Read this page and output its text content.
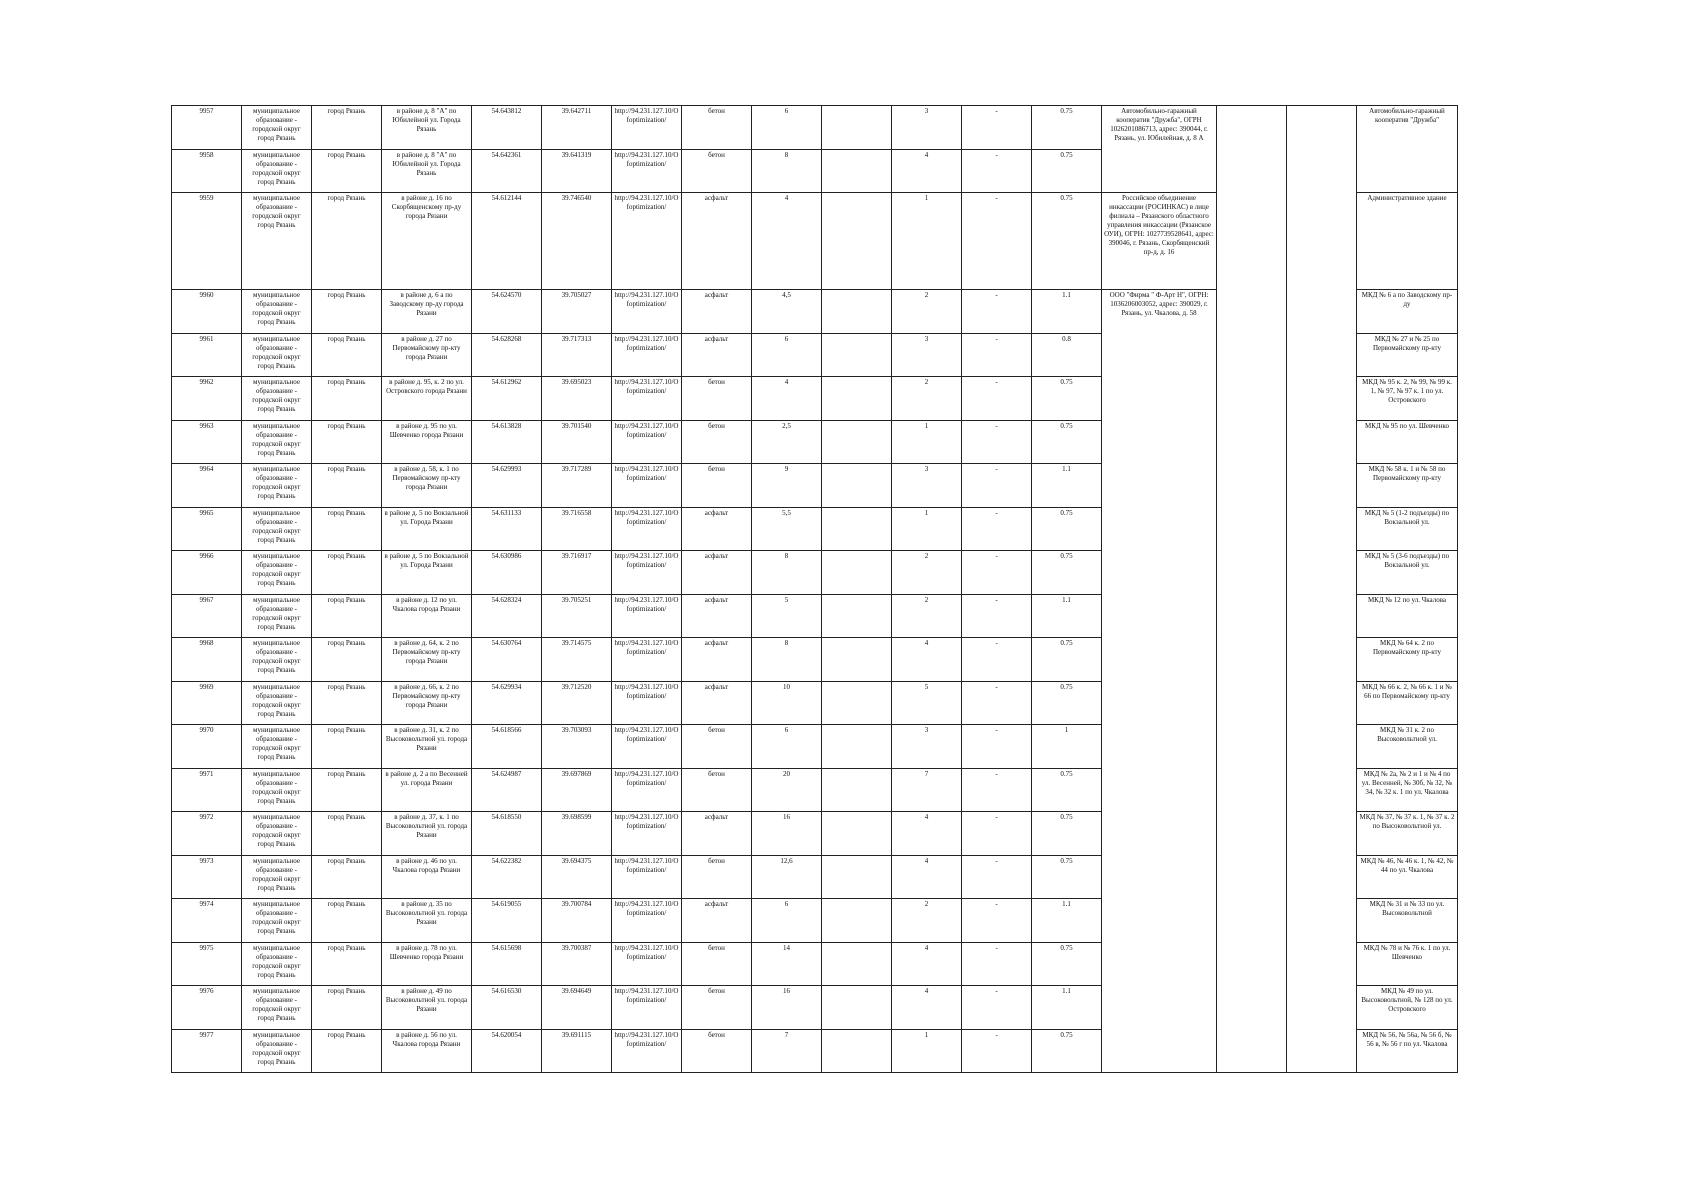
9957	муниципальное образование - городской округ город Рязань	город Рязань	в районе д. 8 "А" по Юбилейной ул. Города Рязань	54.643812	39.642711	http://94.231.127.10/Ofoptimization/	бетон	6		3	-	0.75	Автомобильно-гаражный кооператив "Дружба", ОГРН 1026201086713, адрес: 390044, г. Рязань, ул. Юбилейная, д. 8 А			Автомобильно-гаражный кооператив "Дружба"
9958	муниципальное образование - городской округ город Рязань	город Рязань	в районе д. 8 "А" по Юбилейной ул. Города Рязань	54.642361	39.641319	http://94.231.127.10/Ofoptimization/	бетон	8		4	-	0.75				
9959	муниципальное образование - городской округ город Рязань	город Рязань	в районе д. 16 по Скорбященскому пр-ду города Рязани	54.612144	39.746540	http://94.231.127.10/Ofoptimization/	асфальт	4		1	-	0.75	Российское объединение инкассации (РОСИНКАС) в лице филиала – Рязанского областного управления инкассации (Рязанское ОУИ), ОГРН: 1027739528641, адрес: 390046, г. Рязань, Скорбященский пр-д, д. 16			Административное здание
9960	муниципальное образование - городской округ город Рязань	город Рязань	в районе д. 6 а по Заводскому пр-ду города Рязани	54.624570	39.705027	http://94.231.127.10/Ofoptimization/	асфальт	4,5		2	-	1.1	ООО "Фирма " Ф-Арт Н", ОГРН: 1036206003052, адрес: 390029, г. Рязань, ул. Чкалова, д. 58			МКД № 6 а по Заводскому пр-ду
9961	муниципальное образование - городской округ город Рязань	город Рязань	в районе д. 27 по Первомайскому пр-кту города Рязани	54.628268	39.717313	http://94.231.127.10/Ofoptimization/	асфальт	6		3	-	0.8				МКД № 27 и № 25 по Первомайскому пр-кту
9962	муниципальное образование - городской округ город Рязань	город Рязань	в районе д. 95, к. 2 по ул. Островского города Рязани	54.612962	39.695023	http://94.231.127.10/Ofoptimization/	бетон	4		2	-	0.75				МКД № 95 к. 2, № 99, № 99 к. 1, № 97, № 97 к. 1 по ул. Островского
9963	муниципальное образование - городской округ город Рязань	город Рязань	в районе д. 95 по ул. Шевченко города Рязани	54.613828	39.701540	http://94.231.127.10/Ofoptimization/	бетон	2,5		1	-	0.75				МКД № 95 по ул. Шевченко
9964	муниципальное образование - городской округ город Рязань	город Рязань	в районе д. 58, к. 1 по Первомайскому пр-кту города Рязани	54.629993	39.717289	http://94.231.127.10/Ofoptimization/	бетон	9		3	-	1.1				МКД № 58 к. 1 и № 58 по Первомайскому пр-кту
9965	муниципальное образование - городской округ город Рязань	город Рязань	в районе д. 5 по Вокзальной ул. Города Рязани	54.631133	39.716558	http://94.231.127.10/Ofoptimization/	асфальт	5,5		1	-	0.75				МКД № 5 (1-2 подъезды) по Вокзальной ул.
9966	муниципальное образование - городской округ город Рязань	город Рязань	в районе д. 5 по Вокзальной ул. Города Рязани	54.630986	39.716917	http://94.231.127.10/Ofoptimization/	асфальт	8		2	-	0.75				МКД № 5 (3-6 подъезды) по Вокзальной ул.
9967	муниципальное образование - городской округ город Рязань	город Рязань	в районе д. 12 по ул. Чкалова города Рязани	54.628324	39.705251	http://94.231.127.10/Ofoptimization/	асфальт	5		2	-	1.1				МКД № 12 по ул. Чкалова
9968	муниципальное образование - городской округ город Рязань	город Рязань	в районе д. 64, к. 2 по Первомайскому пр-кту города Рязани	54.630764	39.714575	http://94.231.127.10/Ofoptimization/	асфальт	8		4	-	0.75				МКД № 64 к. 2 по Первомайскому пр-кту
9969	муниципальное образование - городской округ город Рязань	город Рязань	в районе д. 66, к. 2 по Первомайскому пр-кту города Рязани	54.629934	39.712520	http://94.231.127.10/Ofoptimization/	асфальт	10		5	-	0.75				МКД № 66 к. 2, № 66 к. 1 и № 66 по Первомайскому пр-кту
9970	муниципальное образование - городской округ город Рязань	город Рязань	в районе д. 31, к. 2 по Высоковольтной ул. города Рязани	54.618566	39.703093	http://94.231.127.10/Ofoptimization/	бетон	6		3	-	1				МКД № 31 к. 2 по Высоковольтной ул.
9971	муниципальное образование - городской округ город Рязань	город Рязань	в районе д. 2 а по Весенней ул. города Рязани	54.624987	39.697869	http://94.231.127.10/Ofoptimization/	бетон	20		7	-	0.75				МКД № 2а, № 2 и 1 и № 4 по ул. Весенней, № 30б, № 32, № 34, № 32 к. 1 по ул. Чкалова
9972	муниципальное образование - городской округ город Рязань	город Рязань	в районе д. 37, к. 1 по Высоковольтной ул. города Рязани	54.618550	39.698599	http://94.231.127.10/Ofoptimization/	асфальт	16		4	-	0.75				МКД № 37, № 37 к. 1, № 37 к. 2 по Высоковольтной ул.
9973	муниципальное образование - городской округ город Рязань	город Рязань	в районе д. 46 по ул. Чкалова города Рязани	54.622382	39.694375	http://94.231.127.10/Ofoptimization/	бетон	12,6		4	-	0.75				МКД № 46, № 46 к. 1, № 42, № 44 по ул. Чкалова
9974	муниципальное образование - городской округ город Рязань	город Рязань	в районе д. 35 по Высоковольтной ул. города Рязани	54.619055	39.700784	http://94.231.127.10/Ofoptimization/	асфальт	6		2	-	1.1				МКД № 31 и № 33 по ул. Высоковольтной
9975	муниципальное образование - городской округ город Рязань	город Рязань	в районе д. 78 по ул. Шевченко города Рязани	54.615698	39.700387	http://94.231.127.10/Ofoptimization/	бетон	14		4	-	0.75				МКД № 78 и № 76 к. 1 по ул. Шевченко
9976	муниципальное образование - городской округ город Рязань	город Рязань	в районе д. 49 по Высоковольтной ул. города Рязани	54.616530	39.694649	http://94.231.127.10/Ofoptimization/	бетон	16		4	-	1.1				МКД № 49 по ул. Высоковольтной, № 128 по ул. Островского
9977	муниципальное образование - городской округ город Рязань	город Рязань	в районе д. 56 по ул. Чкалова города Рязани	54.620054	39.691115	http://94.231.127.10/Ofoptimization/	бетон	7		1	-	0.75				МКД № 56, № 56а, № 56 б, № 56 в, № 56 г по ул. Чкалова
